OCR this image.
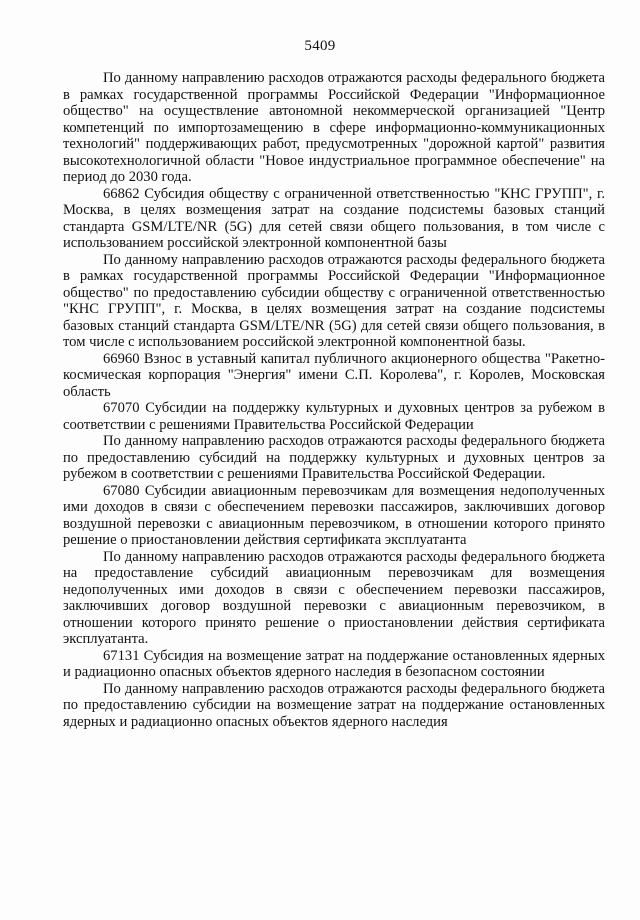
5409

По данному направлению расходов отражаются расходы федерального бюджета в рамках государственной программы Российской Федерации "Информационное общество" на осуществление автономной некоммерческой организацией "Центр компетенций по импортозамещению в сфере информационно-коммуникационных технологий" поддерживающих работ, предусмотренных "дорожной картой" развития высокотехнологичной области "Новое индустриальное программное обеспечение" на период до 2030 года.

66862 Субсидия обществу с ограниченной ответственностью "КНС ГРУПП", г. Москва, в целях возмещения затрат на создание подсистемы базовых станций стандарта GSM/LTE/NR (5G) для сетей связи общего пользования, в том числе с использованием российской электронной компонентной базы

По данному направлению расходов отражаются расходы федерального бюджета в рамках государственной программы Российской Федерации "Информационное общество" по предоставлению субсидии обществу с ограниченной ответственностью "КНС ГРУПП", г. Москва, в целях возмещения затрат на создание подсистемы базовых станций стандарта GSM/LTE/NR (5G) для сетей связи общего пользования, в том числе с использованием российской электронной компонентной базы.

66960 Взнос в уставный капитал публичного акционерного общества "Ракетно-космическая корпорация "Энергия" имени С.П. Королева", г. Королев, Московская область

67070 Субсидии на поддержку культурных и духовных центров за рубежом в соответствии с решениями Правительства Российской Федерации

По данному направлению расходов отражаются расходы федерального бюджета по предоставлению субсидий на поддержку культурных и духовных центров за рубежом в соответствии с решениями Правительства Российской Федерации.

67080 Субсидии авиационным перевозчикам для возмещения недополученных ими доходов в связи с обеспечением перевозки пассажиров, заключивших договор воздушной перевозки с авиационным перевозчиком, в отношении которого принято решение о приостановлении действия сертификата эксплуатанта

По данному направлению расходов отражаются расходы федерального бюджета на предоставление субсидий авиационным перевозчикам для возмещения недополученных ими доходов в связи с обеспечением перевозки пассажиров, заключивших договор воздушной перевозки с авиационным перевозчиком, в отношении которого принято решение о приостановлении действия сертификата эксплуатанта.

67131 Субсидия на возмещение затрат на поддержание остановленных ядерных и радиационно опасных объектов ядерного наследия в безопасном состоянии

По данному направлению расходов отражаются расходы федерального бюджета по предоставлению субсидии на возмещение затрат на поддержание остановленных ядерных и радиационно опасных объектов ядерного наследия
